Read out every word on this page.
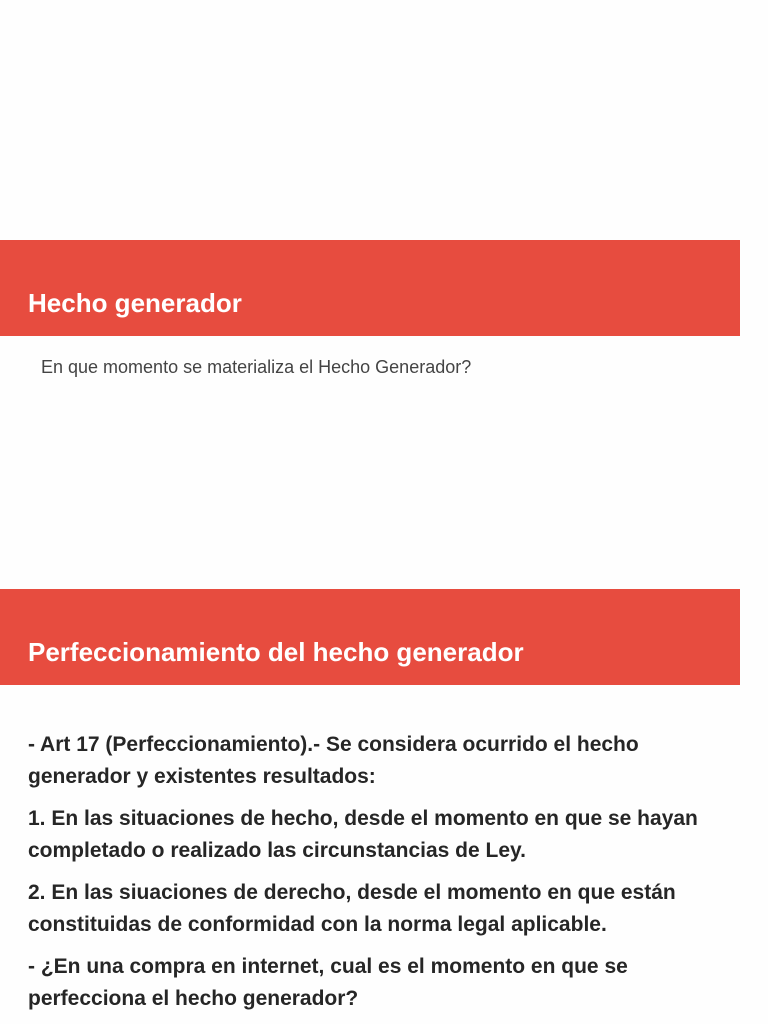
Hecho generador

En que momento se materializa el Hecho Generador?

Perfeccionamiento del hecho generador

- Art 17 (Perfeccionamiento).- Se considera ocurrido el hecho generador y existentes resultados:

1. En las situaciones de hecho, desde el momento en que se hayan completado o realizado las circunstancias de Ley.

2. En las siuaciones de derecho, desde el momento en que están constituidas de conformidad con la norma legal aplicable.

- ¿En una compra en internet, cual es el momento en que se perfecciona el hecho generador?
